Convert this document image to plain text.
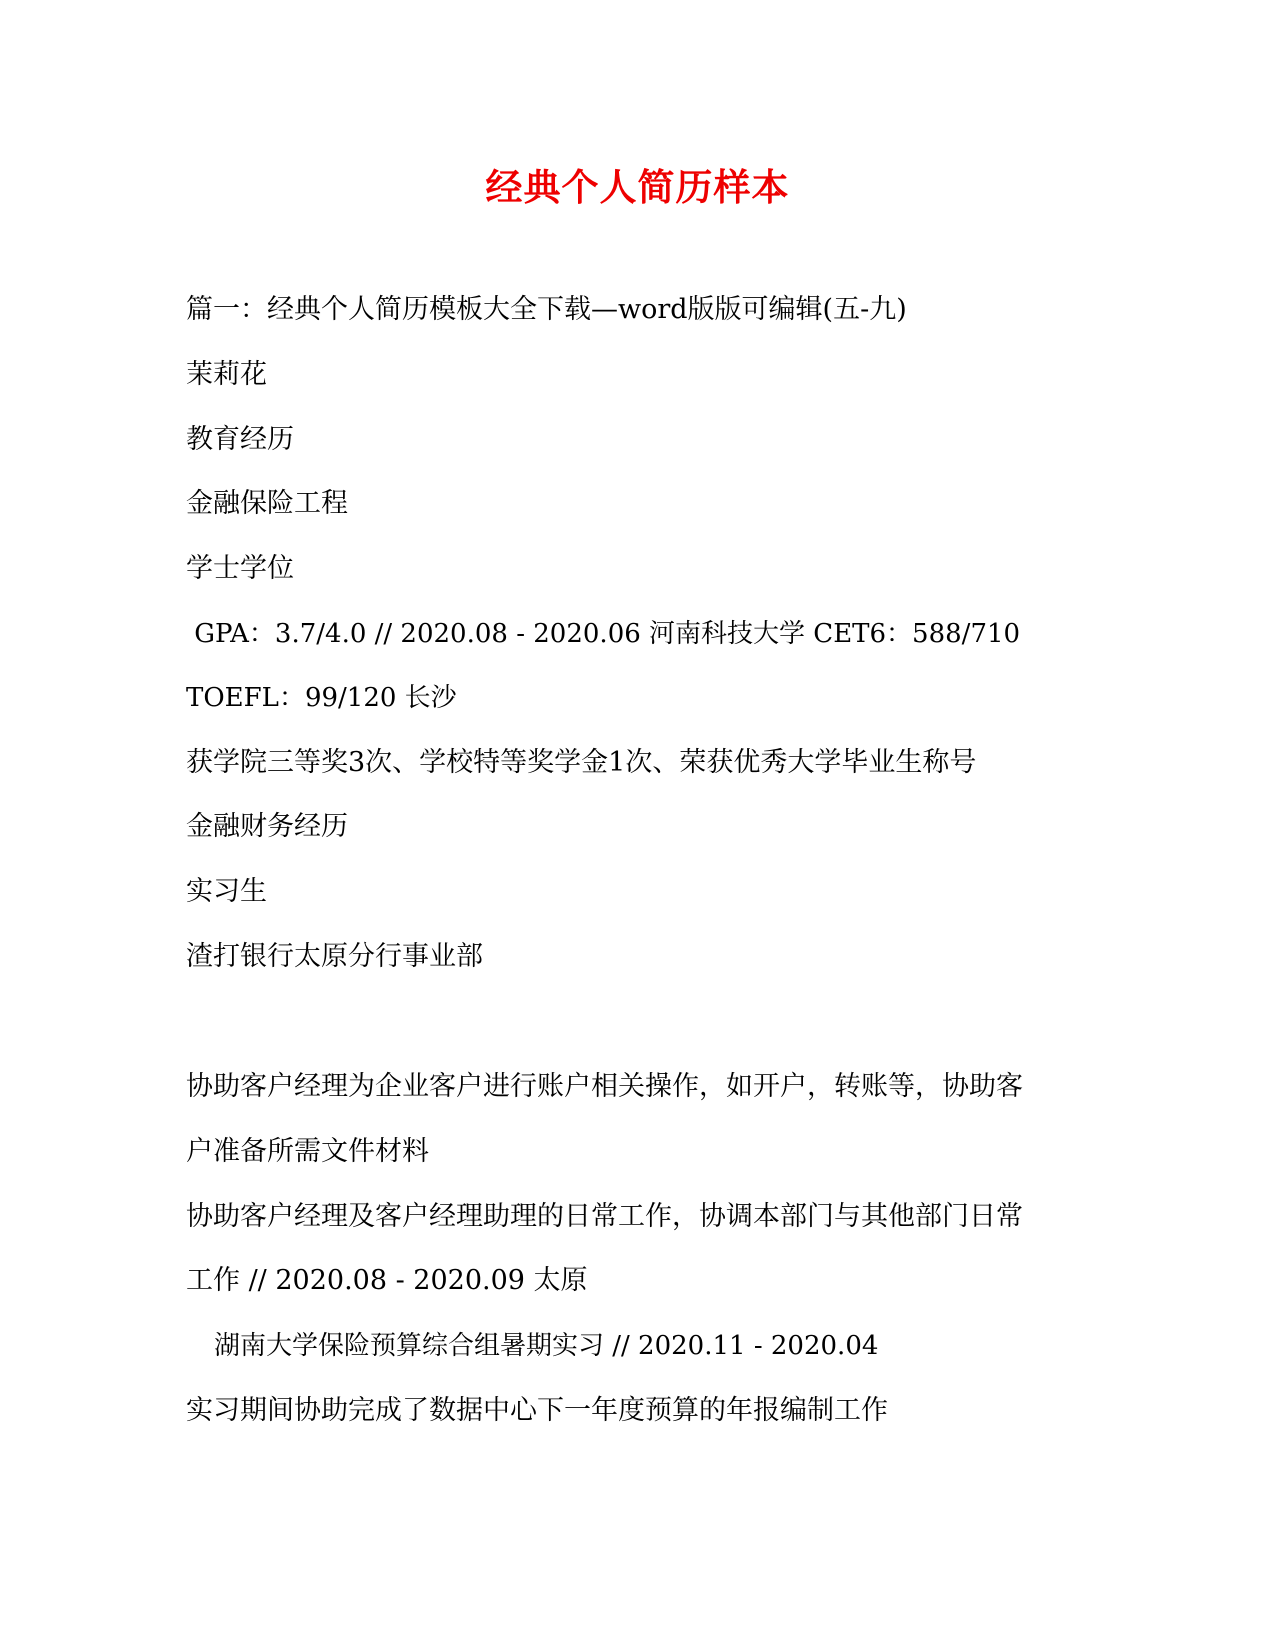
经典个人简历样本
篇一：经典个人简历模板大全下载—word版版可编辑(五-九)
茉莉花
教育经历
金融保险工程
学士学位
GPA：3.7/4.0 // 2020.08 - 2020.06 河南科技大学 CET6：588/710
TOEFL：99/120 长沙
获学院三等奖3次、学校特等奖学金1次、荣获优秀大学毕业生称号
金融财务经历
实习生
渣打银行太原分行事业部
协助客户经理为企业客户进行账户相关操作，如开户，转账等，协助客
户准备所需文件材料
协助客户经理及客户经理助理的日常工作，协调本部门与其他部门日常
工作 // 2020.08 - 2020.09 太原
湖南大学保险预算综合组暑期实习 // 2020.11 - 2020.04
实习期间协助完成了数据中心下一年度预算的年报编制工作
